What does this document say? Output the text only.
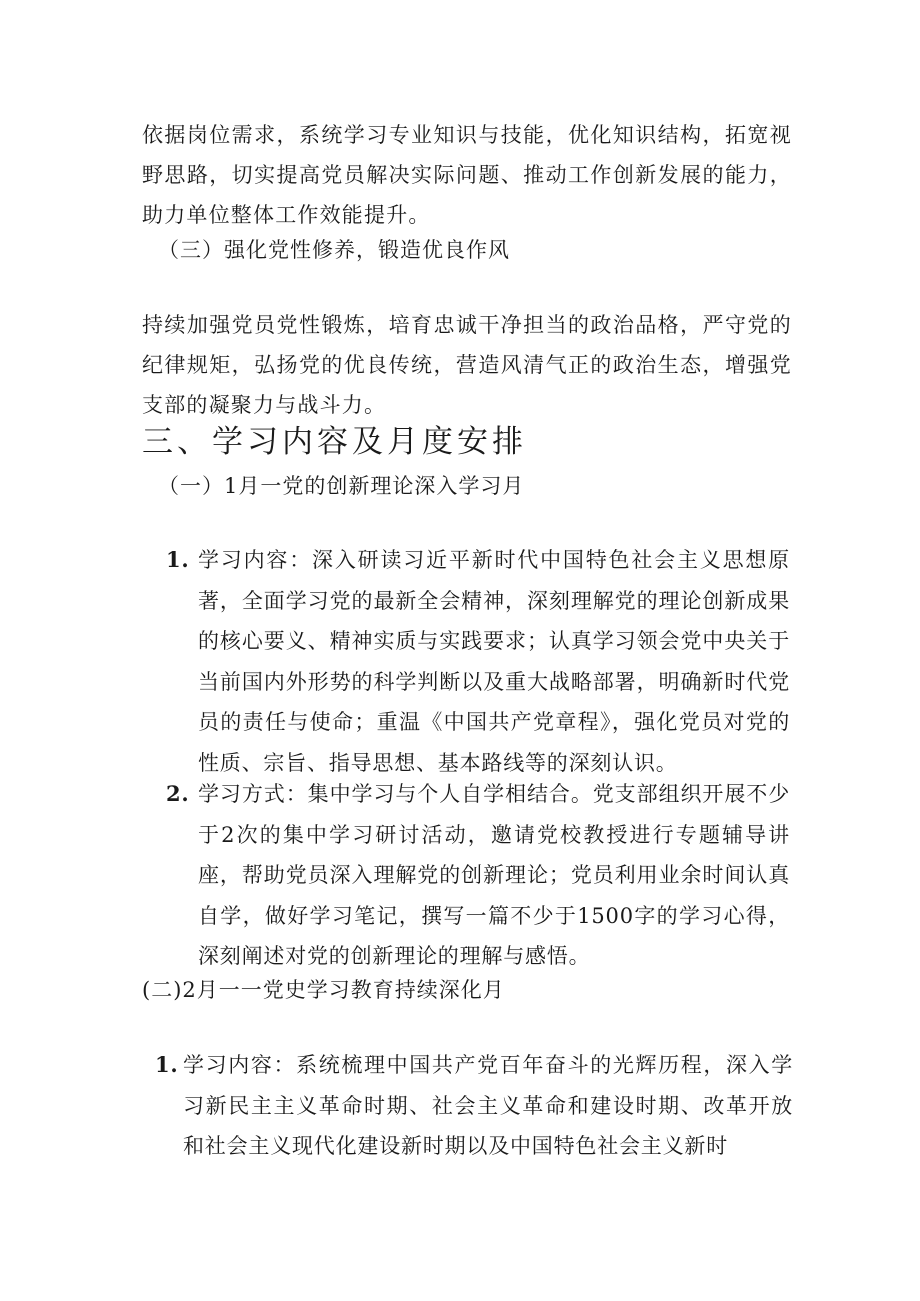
依据岗位需求，系统学习专业知识与技能，优化知识结构，拓宽视野思路，切实提高党员解决实际问题、推动工作创新发展的能力，助力单位整体工作效能提升。

（三）强化党性修养，锻造优良作风

持续加强党员党性锻炼，培育忠诚干净担当的政治品格，严守党的纪律规矩，弘扬党的优良传统，营造风清气正的政治生态，增强党支部的凝聚力与战斗力。

三、学习内容及月度安排

（一）1月一党的创新理论深入学习月

1. 学习内容：深入研读习近平新时代中国特色社会主义思想原著，全面学习党的最新全会精神，深刻理解党的理论创新成果的核心要义、精神实质与实践要求；认真学习领会党中央关于当前国内外形势的科学判断以及重大战略部署，明确新时代党员的责任与使命；重温《中国共产党章程》，强化党员对党的性质、宗旨、指导思想、基本路线等的深刻认识。
2. 学习方式：集中学习与个人自学相结合。党支部组织开展不少于2次的集中学习研讨活动，邀请党校教授进行专题辅导讲座，帮助党员深入理解党的创新理论；党员利用业余时间认真自学，做好学习笔记，撰写一篇不少于1500字的学习心得，深刻阐述对党的创新理论的理解与感悟。

(二)2月一一党史学习教育持续深化月

1. 学习内容：系统梳理中国共产党百年奋斗的光辉历程，深入学习新民主主义革命时期、社会主义革命和建设时期、改革开放和社会主义现代化建设新时期以及中国特色社会主义新时
